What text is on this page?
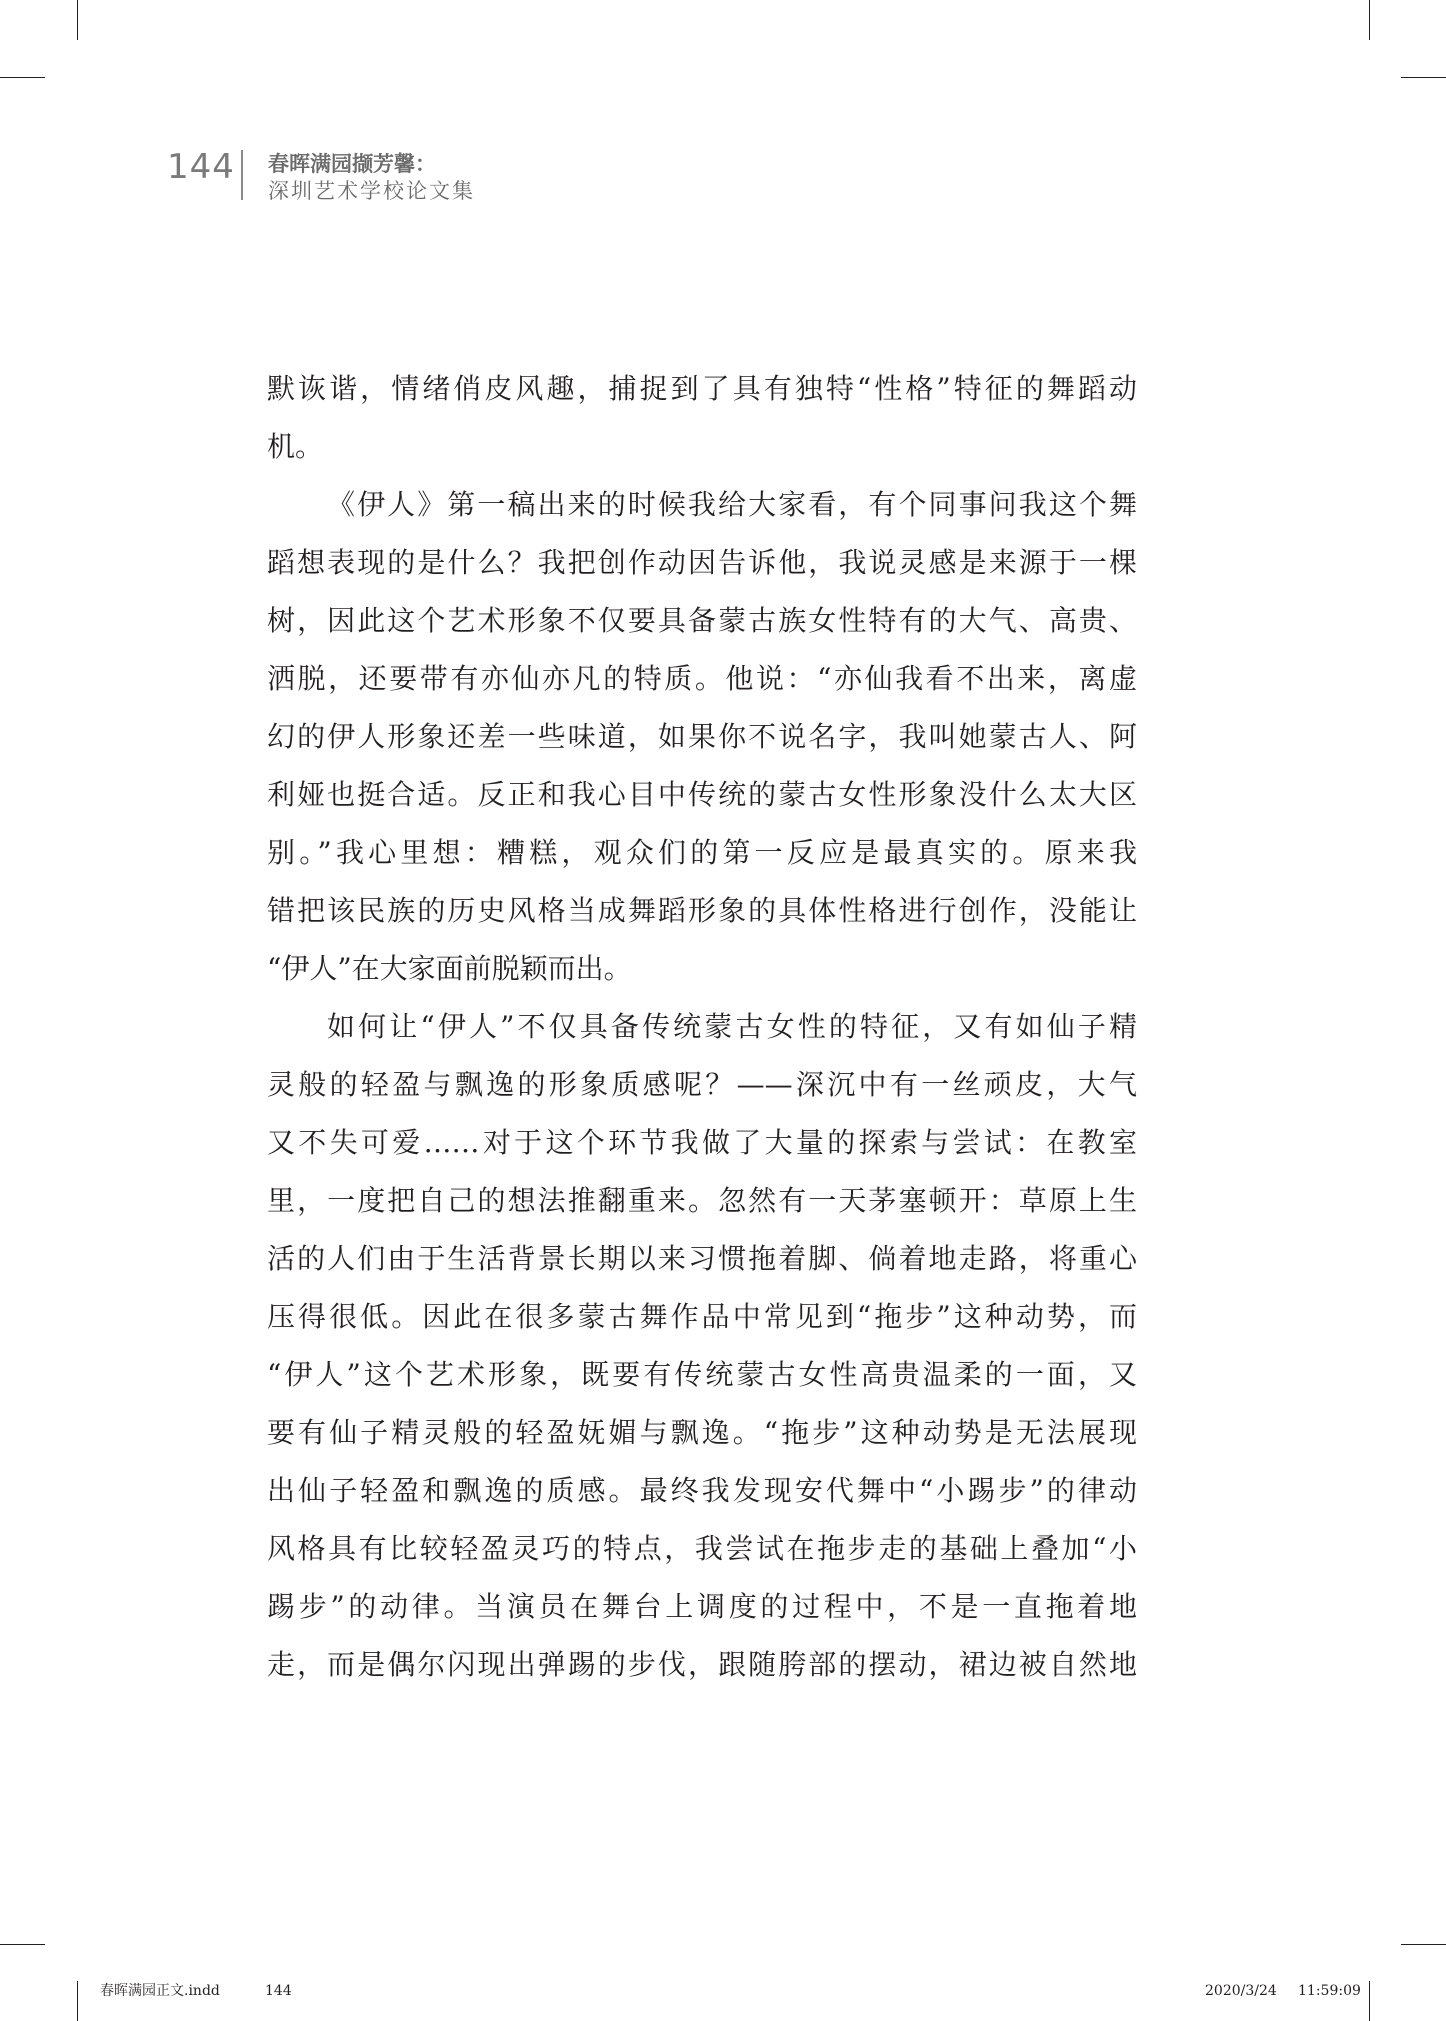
144 春晖满园撷芳馨：
深圳艺术学校论文集
默诙谐，情绪俏皮风趣，捕捉到了具有独特“性格”特征的舞蹈动
机。
《伊人》第一稿出来的时候我给大家看，有个同事问我这个舞
蹈想表现的是什么？我把创作动因告诉他，我说灵感是来源于一棵
树，因此这个艺术形象不仅要具备蒙古族女性特有的大气、高贵、
洒脱，还要带有亦仙亦凡的特质。他说：“亦仙我看不出来，离虚
幻的伊人形象还差一些味道，如果你不说名字，我叫她蒙古人、阿
利娅也挺合适。反正和我心目中传统的蒙古女性形象没什么太大区
别。”我心里想：糟糕，观众们的第一反应是最真实的。原来我
错把该民族的历史风格当成舞蹈形象的具体性格进行创作，没能让
“伊人”在大家面前脱颖而出。
如何让“伊人”不仅具备传统蒙古女性的特征，又有如仙子精
灵般的轻盈与飘逸的形象质感呢？——深沉中有一丝顽皮，大气
又不失可爱……对于这个环节我做了大量的探索与尝试：在教室
里，一度把自己的想法推翻重来。忽然有一天茅塞顿开：草原上生
活的人们由于生活背景长期以来习惯拖着脚、倘着地走路，将重心
压得很低。因此在很多蒙古舞作品中常见到“拖步”这种动势，而
“伊人”这个艺术形象，既要有传统蒙古女性高贵温柔的一面，又
要有仙子精灵般的轻盈妩媚与飘逸。“拖步”这种动势是无法展现
出仙子轻盈和飘逸的质感。最终我发现安代舞中“小踢步”的律动
风格具有比较轻盈灵巧的特点，我尝试在拖步走的基础上叠加“小
踢步”的动律。当演员在舞台上调度的过程中，不是一直拖着地
走，而是偶尔闪现出弹踢的步伐，跟随胯部的摆动，裙边被自然地
春晖满园正文.indd	144	2020/3/24 11:59:09
